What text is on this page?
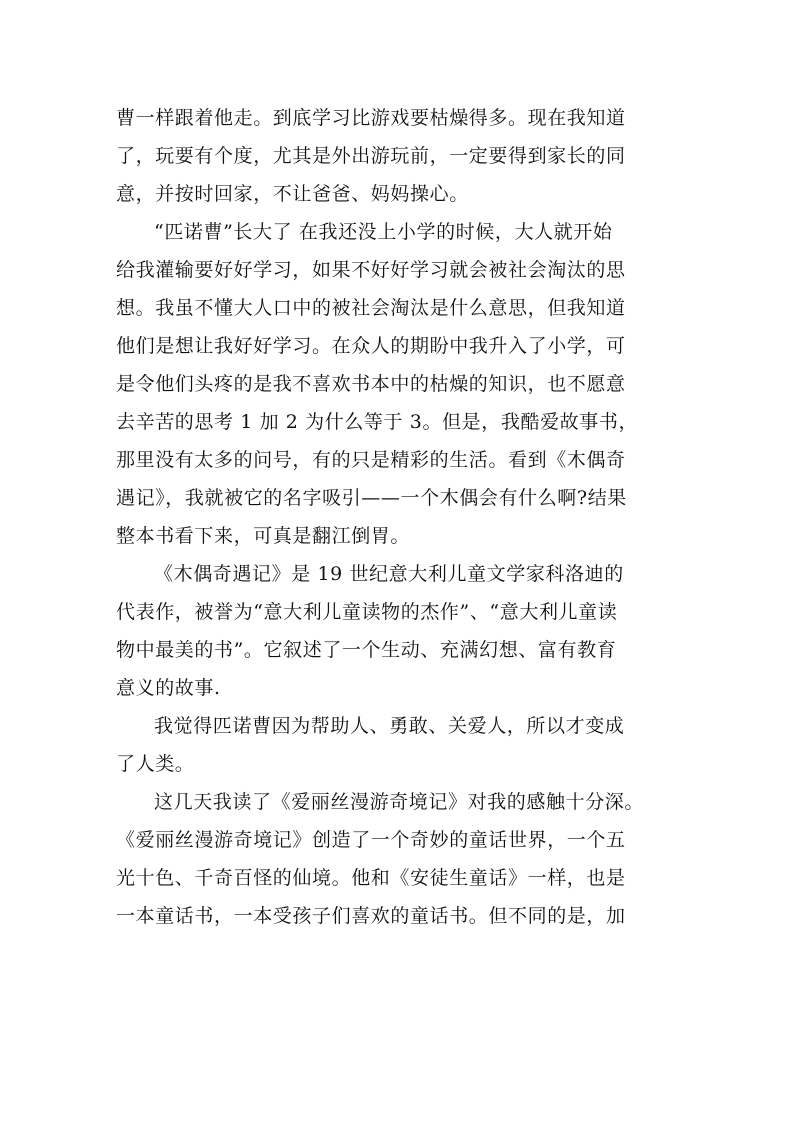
曹一样跟着他走。到底学习比游戏要枯燥得多。现在我知道
了，玩要有个度，尤其是外出游玩前，一定要得到家长的同
意，并按时回家，不让爸爸、妈妈操心。

“匹诺曹”长大了 在我还没上小学的时候，大人就开始
给我灌输要好好学习，如果不好好学习就会被社会淘汰的思
想。我虽不懂大人口中的被社会淘汰是什么意思，但我知道
他们是想让我好好学习。在众人的期盼中我升入了小学，可
是令他们头疼的是我不喜欢书本中的枯燥的知识，也不愿意
去辛苦的思考 1 加 2 为什么等于 3。但是，我酷爱故事书，
那里没有太多的问号，有的只是精彩的生活。看到《木偶奇
遇记》，我就被它的名字吸引——一个木偶会有什么啊?结果
整本书看下来，可真是翻江倒胃。

《木偶奇遇记》是 19 世纪意大利儿童文学家科洛迪的
代表作，被誉为“意大利儿童读物的杰作”、“意大利儿童读
物中最美的书”。它叙述了一个生动、充满幻想、富有教育
意义的故事.

我觉得匹诺曹因为帮助人、勇敢、关爱人，所以才变成
了人类。

这几天我读了《爱丽丝漫游奇境记》对我的感触十分深。
《爱丽丝漫游奇境记》创造了一个奇妙的童话世界，一个五
光十色、千奇百怪的仙境。他和《安徒生童话》一样，也是
一本童话书，一本受孩子们喜欢的童话书。但不同的是，加
